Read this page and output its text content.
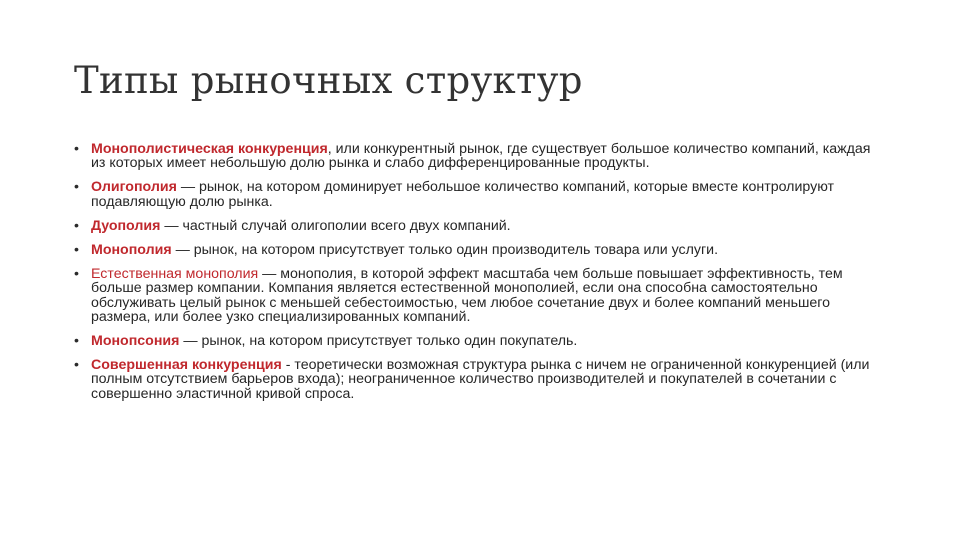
Типы рыночных структур
• Монополистическая конкуренция, или конкурентный рынок, где существует большое количество компаний, каждая из которых имеет небольшую долю рынка и слабо дифференцированные продукты.
• Олигополия — рынок, на котором доминирует небольшое количество компаний, которые вместе контролируют подавляющую долю рынка.
• Дуополия — частный случай олигополии всего двух компаний.
• Монополия — рынок, на котором присутствует только один производитель товара или услуги.
• Естественная монополия — монополия, в которой эффект масштаба чем больше повышает эффективность, тем больше размер компании. Компания является естественной монополией, если она способна самостоятельно обслуживать целый рынок с меньшей себестоимостью, чем любое сочетание двух и более компаний меньшего размера, или более узко специализированных компаний.
• Монопсония — рынок, на котором присутствует только один покупатель.
• Совершенная конкуренция - теоретически возможная структура рынка с ничем не ограниченной конкуренцией (или полным отсутствием барьеров входа); неограниченное количество производителей и покупателей в сочетании с совершенно эластичной кривой спроса.
